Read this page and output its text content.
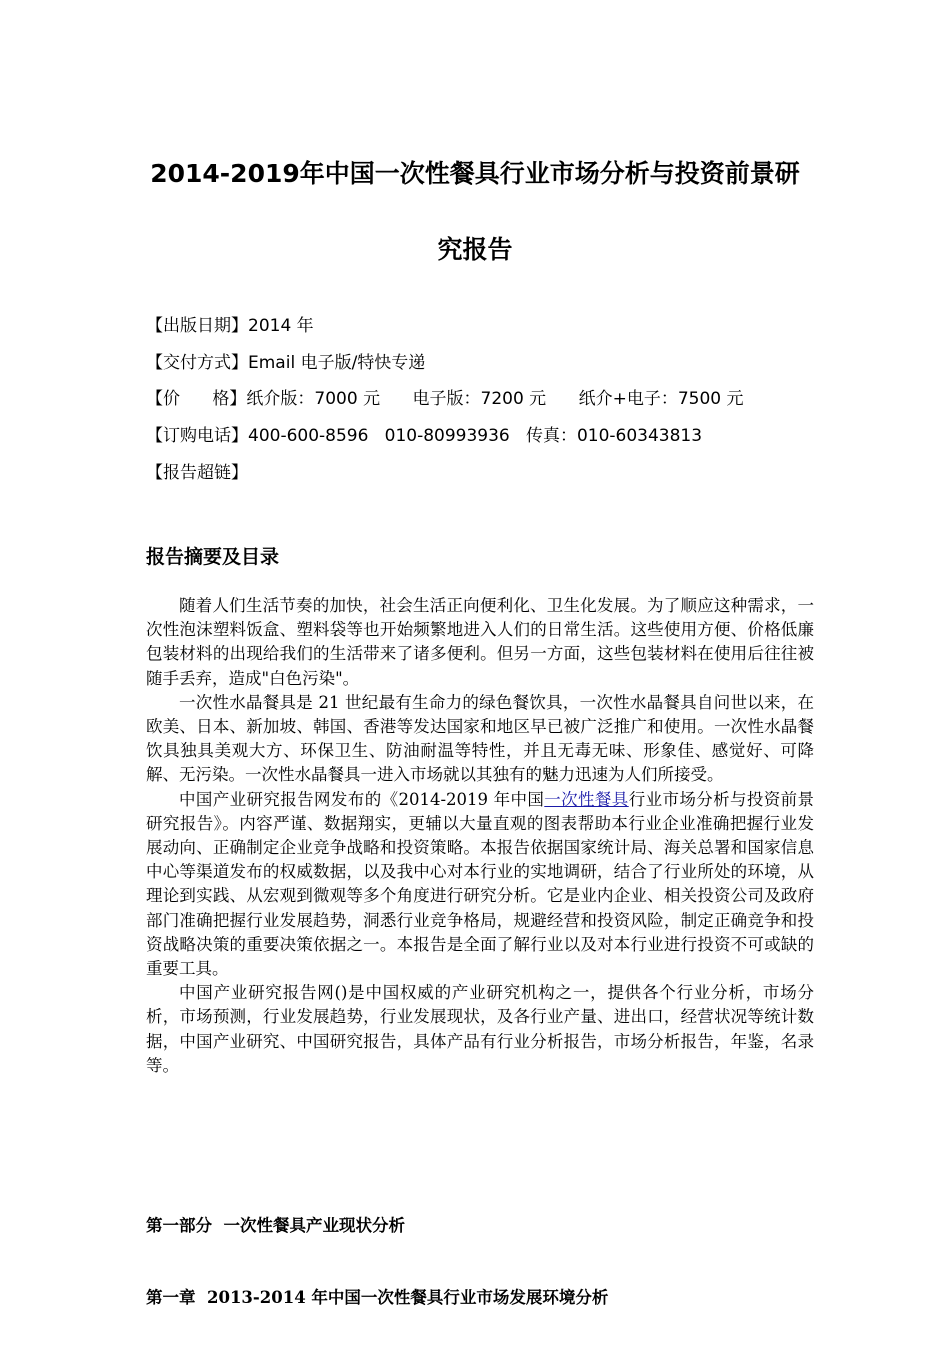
2014-2019年中国一次性餐具行业市场分析与投资前景研
究报告
【出版日期】2014 年
【交付方式】Email 电子版/特快专递
【价      格】纸介版：7000 元      电子版：7200 元      纸介+电子：7500 元
【订购电话】400-600-8596   010-80993936   传真：010-60343813
【报告超链】
报告摘要及目录

随着人们生活节奏的加快，社会生活正向便利化、卫生化发展。为了顺应这种需求，一次性泡沫塑料饭盒、塑料袋等也开始频繁地进入人们的日常生活。这些使用方便、价格低廉包装材料的出现给我们的生活带来了诸多便利。但另一方面，这些包装材料在使用后往往被随手丢弃，造成"白色污染"。

一次性水晶餐具是 21 世纪最有生命力的绿色餐饮具，一次性水晶餐具自问世以来，在欧美、日本、新加坡、韩国、香港等发达国家和地区早已被广泛推广和使用。一次性水晶餐饮具独具美观大方、环保卫生、防油耐温等特性，并且无毒无味、形象佳、感觉好、可降解、无污染。一次性水晶餐具一进入市场就以其独有的魅力迅速为人们所接受。

中国产业研究报告网发布的《2014-2019 年中国一次性餐具行业市场分析与投资前景研究报告》。内容严谨、数据翔实，更辅以大量直观的图表帮助本行业企业准确把握行业发展动向、正确制定企业竞争战略和投资策略。本报告依据国家统计局、海关总署和国家信息中心等渠道发布的权威数据，以及我中心对本行业的实地调研，结合了行业所处的环境，从理论到实践、从宏观到微观等多个角度进行研究分析。它是业内企业、相关投资公司及政府部门准确把握行业发展趋势，洞悉行业竞争格局，规避经营和投资风险，制定正确竞争和投资战略决策的重要决策依据之一。本报告是全面了解行业以及对本行业进行投资不可或缺的重要工具。

中国产业研究报告网()是中国权威的产业研究机构之一，提供各个行业分析，市场分析，市场预测，行业发展趋势，行业发展现状，及各行业产量、进出口，经营状况等统计数据，中国产业研究、中国研究报告，具体产品有行业分析报告，市场分析报告，年鉴，名录等。

第一部分  一次性餐具产业现状分析

第一章  2013-2014 年中国一次性餐具行业市场发展环境分析
